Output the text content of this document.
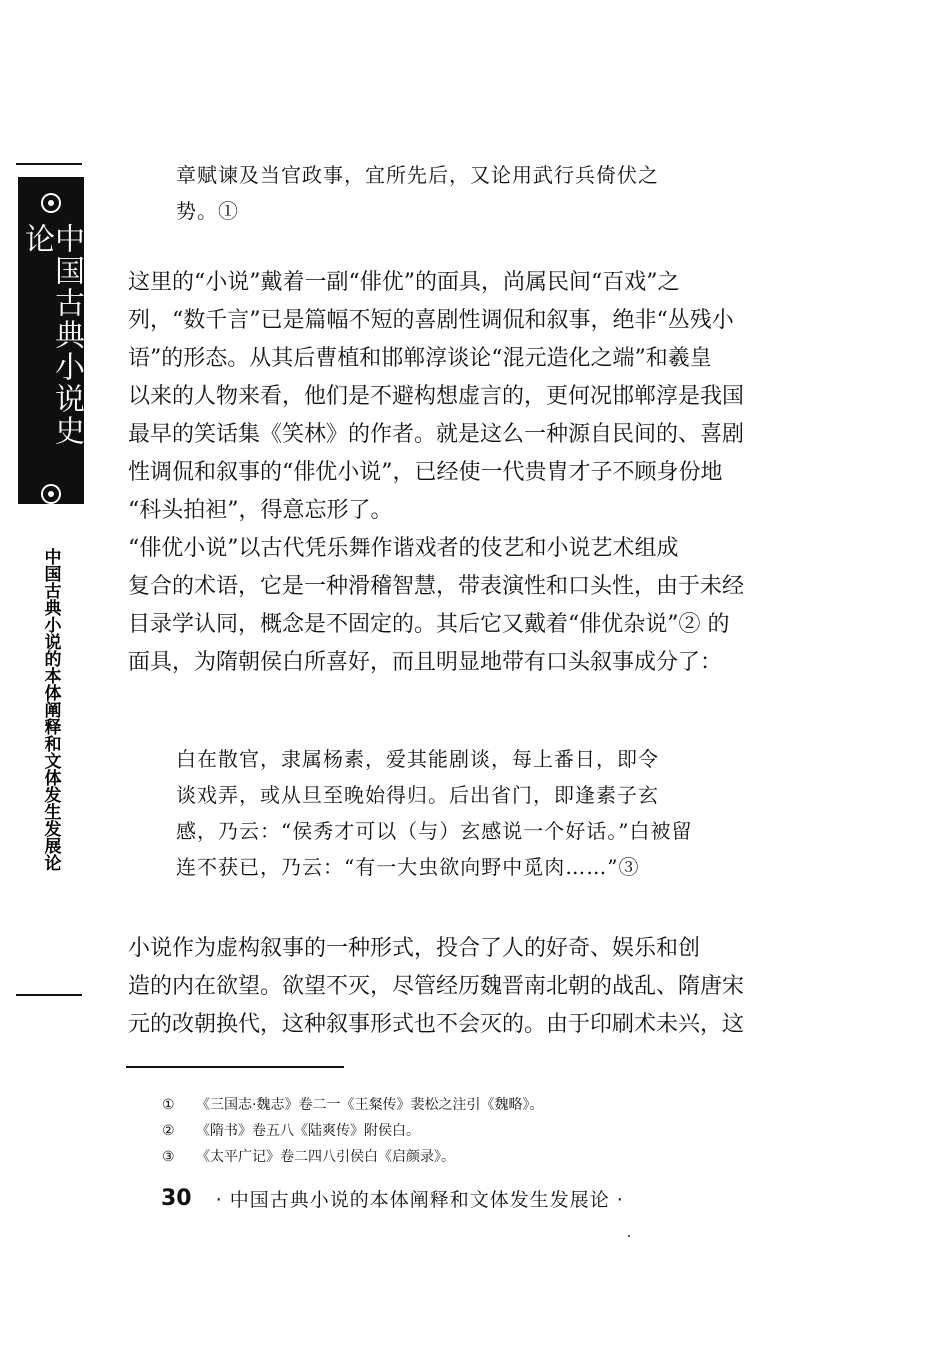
中国古典小说史论
中国古典小说的本体阐释和文体发生发展论

章赋谏及当官政事，宜所先后，又论用武行兵倚伏之

势。①

这里的“小说”戴着一副“俳优”的面具，尚属民间“百戏”之

列，“数千言”已是篇幅不短的喜剧性调侃和叙事，绝非“丛残小

语”的形态。从其后曹植和邯郸淳谈论“混元造化之端”和羲皇

以来的人物来看，他们是不避构想虚言的，更何况邯郸淳是我国

最早的笑话集《笑林》的作者。就是这么一种源自民间的、喜剧

性调侃和叙事的“俳优小说”，已经使一代贵胄才子不顾身份地

“科头拍袒”，得意忘形了。

“俳优小说”以古代凭乐舞作谐戏者的伎艺和小说艺术组成

复合的术语，它是一种滑稽智慧，带表演性和口头性，由于未经

目录学认同，概念是不固定的。其后它又戴着“俳优杂说”② 的

面具，为隋朝侯白所喜好，而且明显地带有口头叙事成分了：

白在散官，隶属杨素，爱其能剧谈，每上番日，即令

谈戏弄，或从旦至晚始得归。后出省门，即逢素子玄

感，乃云：“侯秀才可以（与）玄感说一个好话。”白被留

连不获已，乃云：“有一大虫欲向野中觅肉……”③

小说作为虚构叙事的一种形式，投合了人的好奇、娱乐和创

造的内在欲望。欲望不灭，尽管经历魏晋南北朝的战乱、隋唐宋

元的改朝换代，这种叙事形式也不会灭的。由于印刷术未兴，这

①	《三国志·魏志》卷二一《王粲传》裴松之注引《魏略》。
②	《隋书》卷五八《陆爽传》附侯白。
③	《太平广记》卷二四八引侯白《启颜录》。
30 · 中国古典小说的本体阐释和文体发生发展论 ·
